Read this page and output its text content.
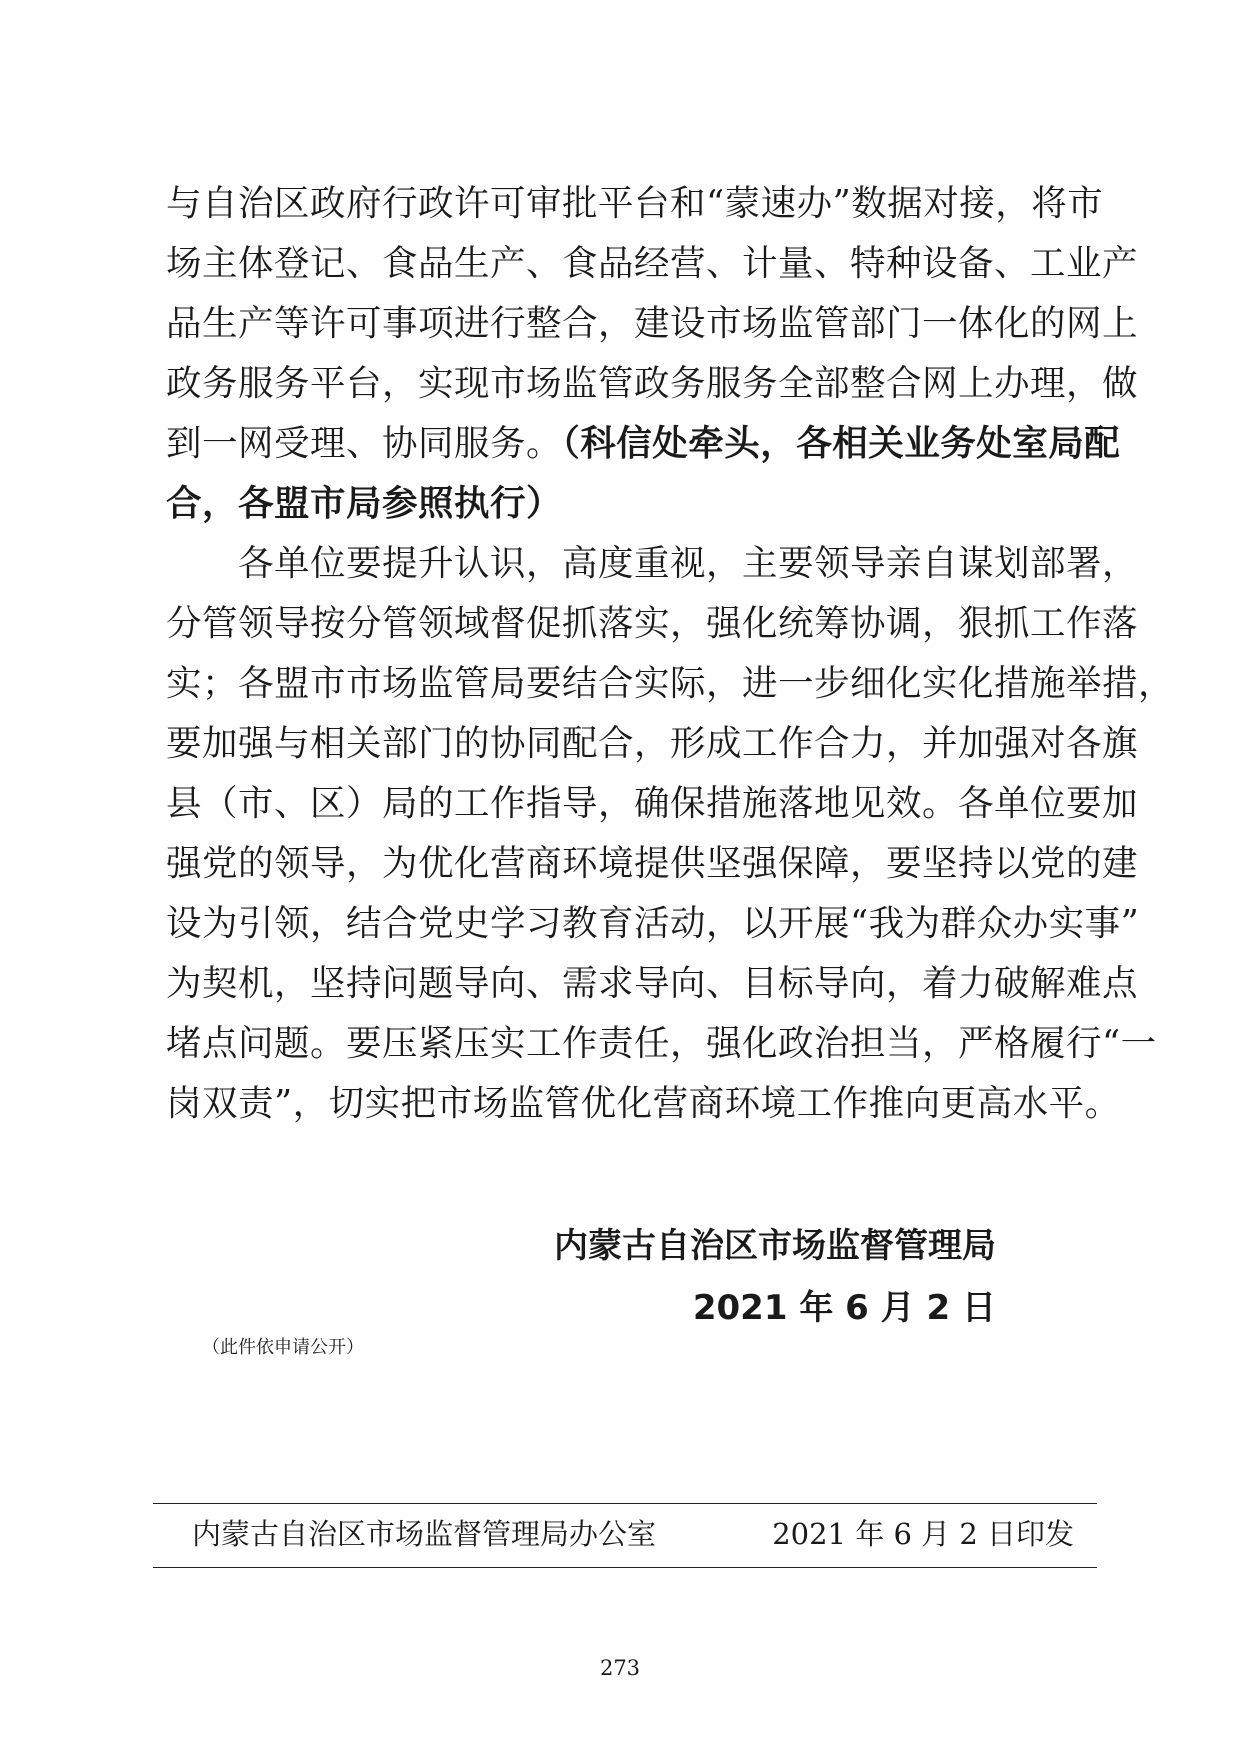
与自治区政府行政许可审批平台和“蒙速办”数据对接，将市
场主体登记、食品生产、食品经营、计量、特种设备、工业产
品生产等许可事项进行整合，建设市场监管部门一体化的网上
政务服务平台，实现市场监管政务服务全部整合网上办理，做
到一网受理、协同服务。（科信处牵头，各相关业务处室局配
合，各盟市局参照执行）
　　各单位要提升认识，高度重视，主要领导亲自谋划部署，
分管领导按分管领域督促抓落实，强化统筹协调，狠抓工作落
实；各盟市市场监管局要结合实际，进一步细化实化措施举措，
要加强与相关部门的协同配合，形成工作合力，并加强对各旗
县（市、区）局的工作指导，确保措施落地见效。各单位要加
强党的领导，为优化营商环境提供坚强保障，要坚持以党的建
设为引领，结合党史学习教育活动，以开展“我为群众办实事”
为契机，坚持问题导向、需求导向、目标导向，着力破解难点
堵点问题。要压紧压实工作责任，强化政治担当，严格履行“一
岗双责”，切实把市场监管优化营商环境工作推向更高水平。
内蒙古自治区市场监督管理局
2021 年 6 月 2 日
（此件依申请公开）
内蒙古自治区市场监督管理局办公室	2021 年 6 月 2 日印发
273
